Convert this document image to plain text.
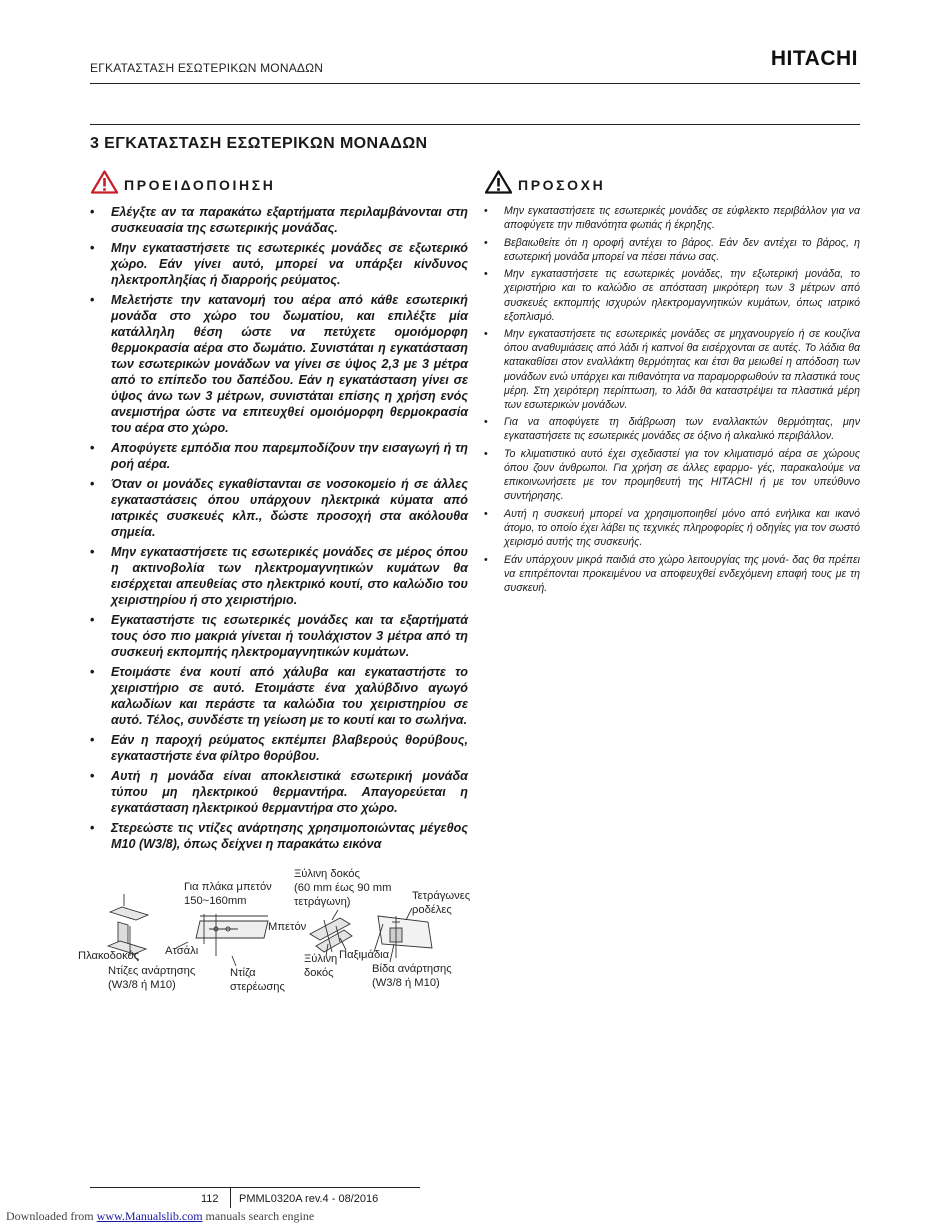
ΕΓΚΑΤΑΣΤΑΣΗ ΕΣΩΤΕΡΙΚΩΝ ΜΟΝΑΔΩΝ	HITACHI
3 ΕΓΚΑΤΑΣΤΑΣΗ ΕΣΩΤΕΡΙΚΩΝ ΜΟΝΑΔΩΝ
ΠΡΟΕΙΔΟΠΟΙΗΣΗ	ΠΡΟΣΟΧΗ
• Ελέγξτε αν τα παρακάτω εξαρτήματα περιλαμβάνονται στη συσκευασία της εσωτερικής μονάδας.
• Μην εγκαταστήσετε τις εσωτερικές μονάδες σε εξωτερικό χώρο. Εάν γίνει αυτό, μπορεί να υπάρξει κίνδυνος ηλεκτροπληξίας ή διαρροής ρεύματος.
• Μελετήστε την κατανομή του αέρα από κάθε εσωτερική μονάδα στο χώρο του δωματίου, και επιλέξτε μία κατάλληλη θέση ώστε να πετύχετε ομοιόμορφη θερμοκρασία αέρα στο δωμάτιο. Συνιστάται η εγκατάσταση των εσωτερικών μονάδων να γίνει σε ύψος 2,3 με 3 μέτρα από το επίπεδο του δαπέδου. Εάν η εγκατάσταση γίνει σε ύψος άνω των 3 μέτρων, συνιστάται επίσης η χρήση ενός ανεμιστήρα ώστε να επιτευχθεί ομοιόμορφη θερμοκρασία του αέρα στο χώρο.
• Αποφύγετε εμπόδια που παρεμποδίζουν την εισαγωγή ή τη ροή αέρα.
• Όταν οι μονάδες εγκαθίστανται σε νοσοκομείο ή σε άλλες εγκαταστάσεις όπου υπάρχουν ηλεκτρικά κύματα από ιατρικές συσκευές κλπ., δώστε προσοχή στα ακόλουθα σημεία.
• Μην εγκαταστήσετε τις εσωτερικές μονάδες σε μέρος όπου η ακτινοβολία των ηλεκτρομαγνητικών κυμάτων θα εισέρχεται απευθείας στο ηλεκτρικό κουτί, στο καλώδιο του χειριστηρίου ή στο χειριστήριο.
• Εγκαταστήστε τις εσωτερικές μονάδες και τα εξαρτήματά τους όσο πιο μακριά γίνεται ή τουλάχιστον 3 μέτρα από τη συσκευή εκπομπής ηλεκτρομαγνητικών κυμάτων.
• Ετοιμάστε ένα κουτί από χάλυβα και εγκαταστήστε το χειριστήριο σε αυτό. Ετοιμάστε ένα χαλύβδινο αγωγό καλωδίων και περάστε τα καλώδια του χειριστηρίου σε αυτό. Τέλος, συνδέστε τη γείωση με το κουτί και το σωλήνα.
• Εάν η παροχή ρεύματος εκπέμπει βλαβερούς θορύβους, εγκαταστήστε ένα φίλτρο θορύβου.
• Αυτή η μονάδα είναι αποκλειστικά εσωτερική μονάδα τύπου μη ηλεκτρικού θερμαντήρα. Απαγορεύεται η εγκατάσταση ηλεκτρικού θερμαντήρα στο χώρο.
• Στερεώστε τις ντίζες ανάρτησης χρησιμοποιώντας μέγεθος Μ10 (W3/8), όπως δείχνει η παρακάτω εικόνα
• Μην εγκαταστήσετε τις εσωτερικές μονάδες σε εύφλεκτο περιβάλλον για να αποφύγετε την πιθανότητα φωτιάς ή έκρηξης.
• Βεβαιωθείτε ότι η οροφή αντέχει το βάρος. Εάν δεν αντέχει το βάρος, η εσωτερική μονάδα μπορεί να πέσει πάνω σας.
• Μην εγκαταστήσετε τις εσωτερικές μονάδες, την εξωτερική μονάδα, το χειριστήριο και το καλώδιο σε απόσταση μικρότερη των 3 μέτρων από συσκευές εκπομπής ισχυρών ηλεκτρομαγνητικών κυμάτων, όπως ιατρικό εξοπλισμό.
• Μην εγκαταστήσετε τις εσωτερικές μονάδες σε μηχανουργείο ή σε κουζίνα όπου αναθυμιάσεις από λάδι ή καπνοί θα εισέρχονται σε αυτές. Το λάδια θα κατακαθίσει στον εναλλάκτη θερμότητας και έτσι θα μειωθεί η απόδοση των μονάδων ενώ υπάρχει και πιθανότητα να παραμορφωθούν τα πλαστικά τους μέρη. Στη χειρότερη περίπτωση, το λάδι θα καταστρέψει τα πλαστικά μέρη των εσωτερικών μονάδων.
• Για να αποφύγετε τη διάβρωση των εναλλακτών θερμότητας, μην εγκαταστήσετε τις εσωτερικές μονάδες σε όξινο ή αλκαλικό περιβάλλον.
• Το κλιματιστικό αυτό έχει σχεδιαστεί για τον κλιματισμό αέρα σε χώρους όπου ζουν άνθρωποι. Για χρήση σε άλλες εφαρμο- γές, παρακαλούμε να επικοινωνήσετε με τον προμηθευτή της HITACHI ή με τον υπεύθυνο συντήρησης.
• Αυτή η συσκευή μπορεί να χρησιμοποιηθεί μόνο από ενήλικα και ικανό άτομο, το οποίο έχει λάβει τις τεχνικές πληροφορίες ή οδηγίες για τον σωστό χειρισμό αυτής της συσκευής.
• Εάν υπάρχουν μικρά παιδιά στο χώρο λειτουργίας της μονά- δας θα πρέπει να επιτρέπονται προκειμένου να αποφευχθεί ενδεχόμενη επαφή τους με τη συσκευή.
Για πλάκα μπετόν
150~160mm
Ξύλινη δοκός
(60 mm έως 90 mm
τετράγωνη)	Τετράγωνες
ροδέλες
Μπετόν
Ατσάλι
Πλακοδοκός
Ντίζες ανάρτησης
(W3/8 ή M10)
Ντίζα
στερέωσης
Ξύλινη
δοκός
Παξιμάδια
Βίδα ανάρτησης
(W3/8 ή M10)
112 PMML0320A rev.4 - 08/2016
Downloaded from www.Manualslib.com manuals search engine
